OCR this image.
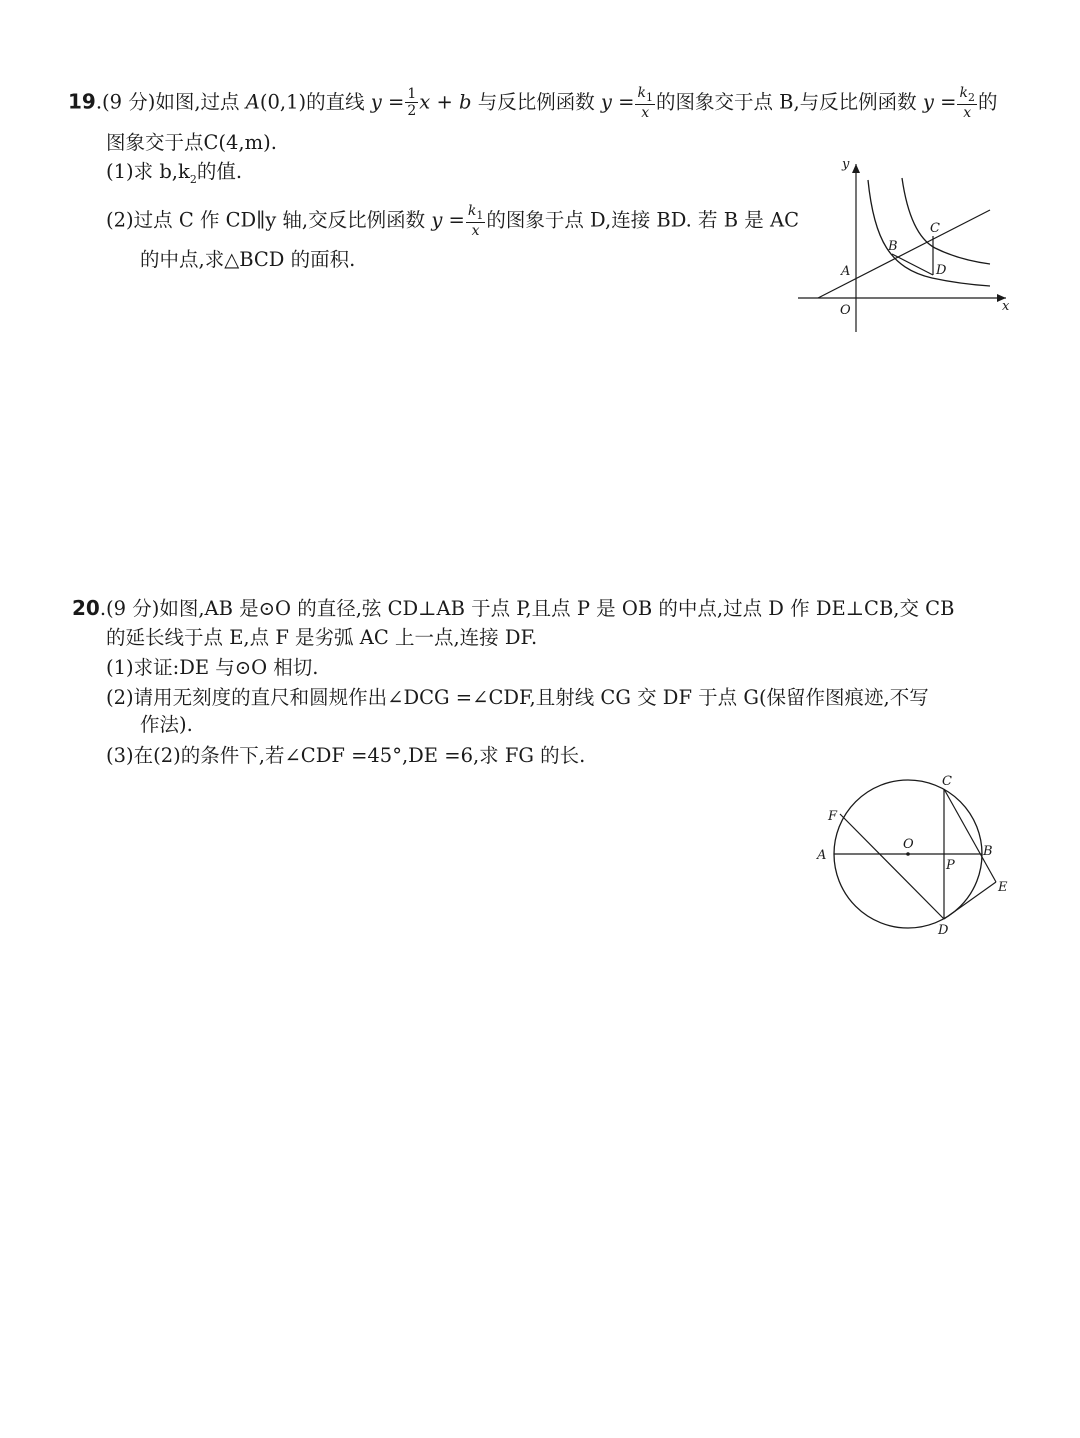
19.(9 分)如图,过点 A(0,1)的直线 $y = \frac{1}{2}$ x + b 与反比例函数 $y = \frac{k_1}{x}$ 的图象交于点 B,与反比例函数 $y = \frac{k_2}{x}$ 的
图象交于点C(4,m).
(1)求 $b,k_2$的值.
(2)过点 C 作 CD∥y 轴,交反比例函数 $y = \frac{k_1}{x}$ 的图象于点 D,连接 BD. 若 B 是 AC
的中点,求△BCD 的面积.
y
x
O
A
B
C
D
20.(9 分)如图,AB 是⊙O 的直径,弦 CD⊥AB 于点 P,且点 P 是 OB 的中点,过点 D 作 DE⊥CB,交 CB
的延长线于点 E,点 F 是劣弧 AC 上一点,连接 DF.
(1)求证:DE 与⊙O 相切.
(2)请用无刻度的直尺和圆规作出∠DCG =∠CDF,且射线 CG 交 DF 于点 G(保留作图痕迹,不写
作法).
(3)在(2)的条件下,若∠CDF =45°,DE =6,求 FG 的长.
A	B
C
D
E
F
O
P
